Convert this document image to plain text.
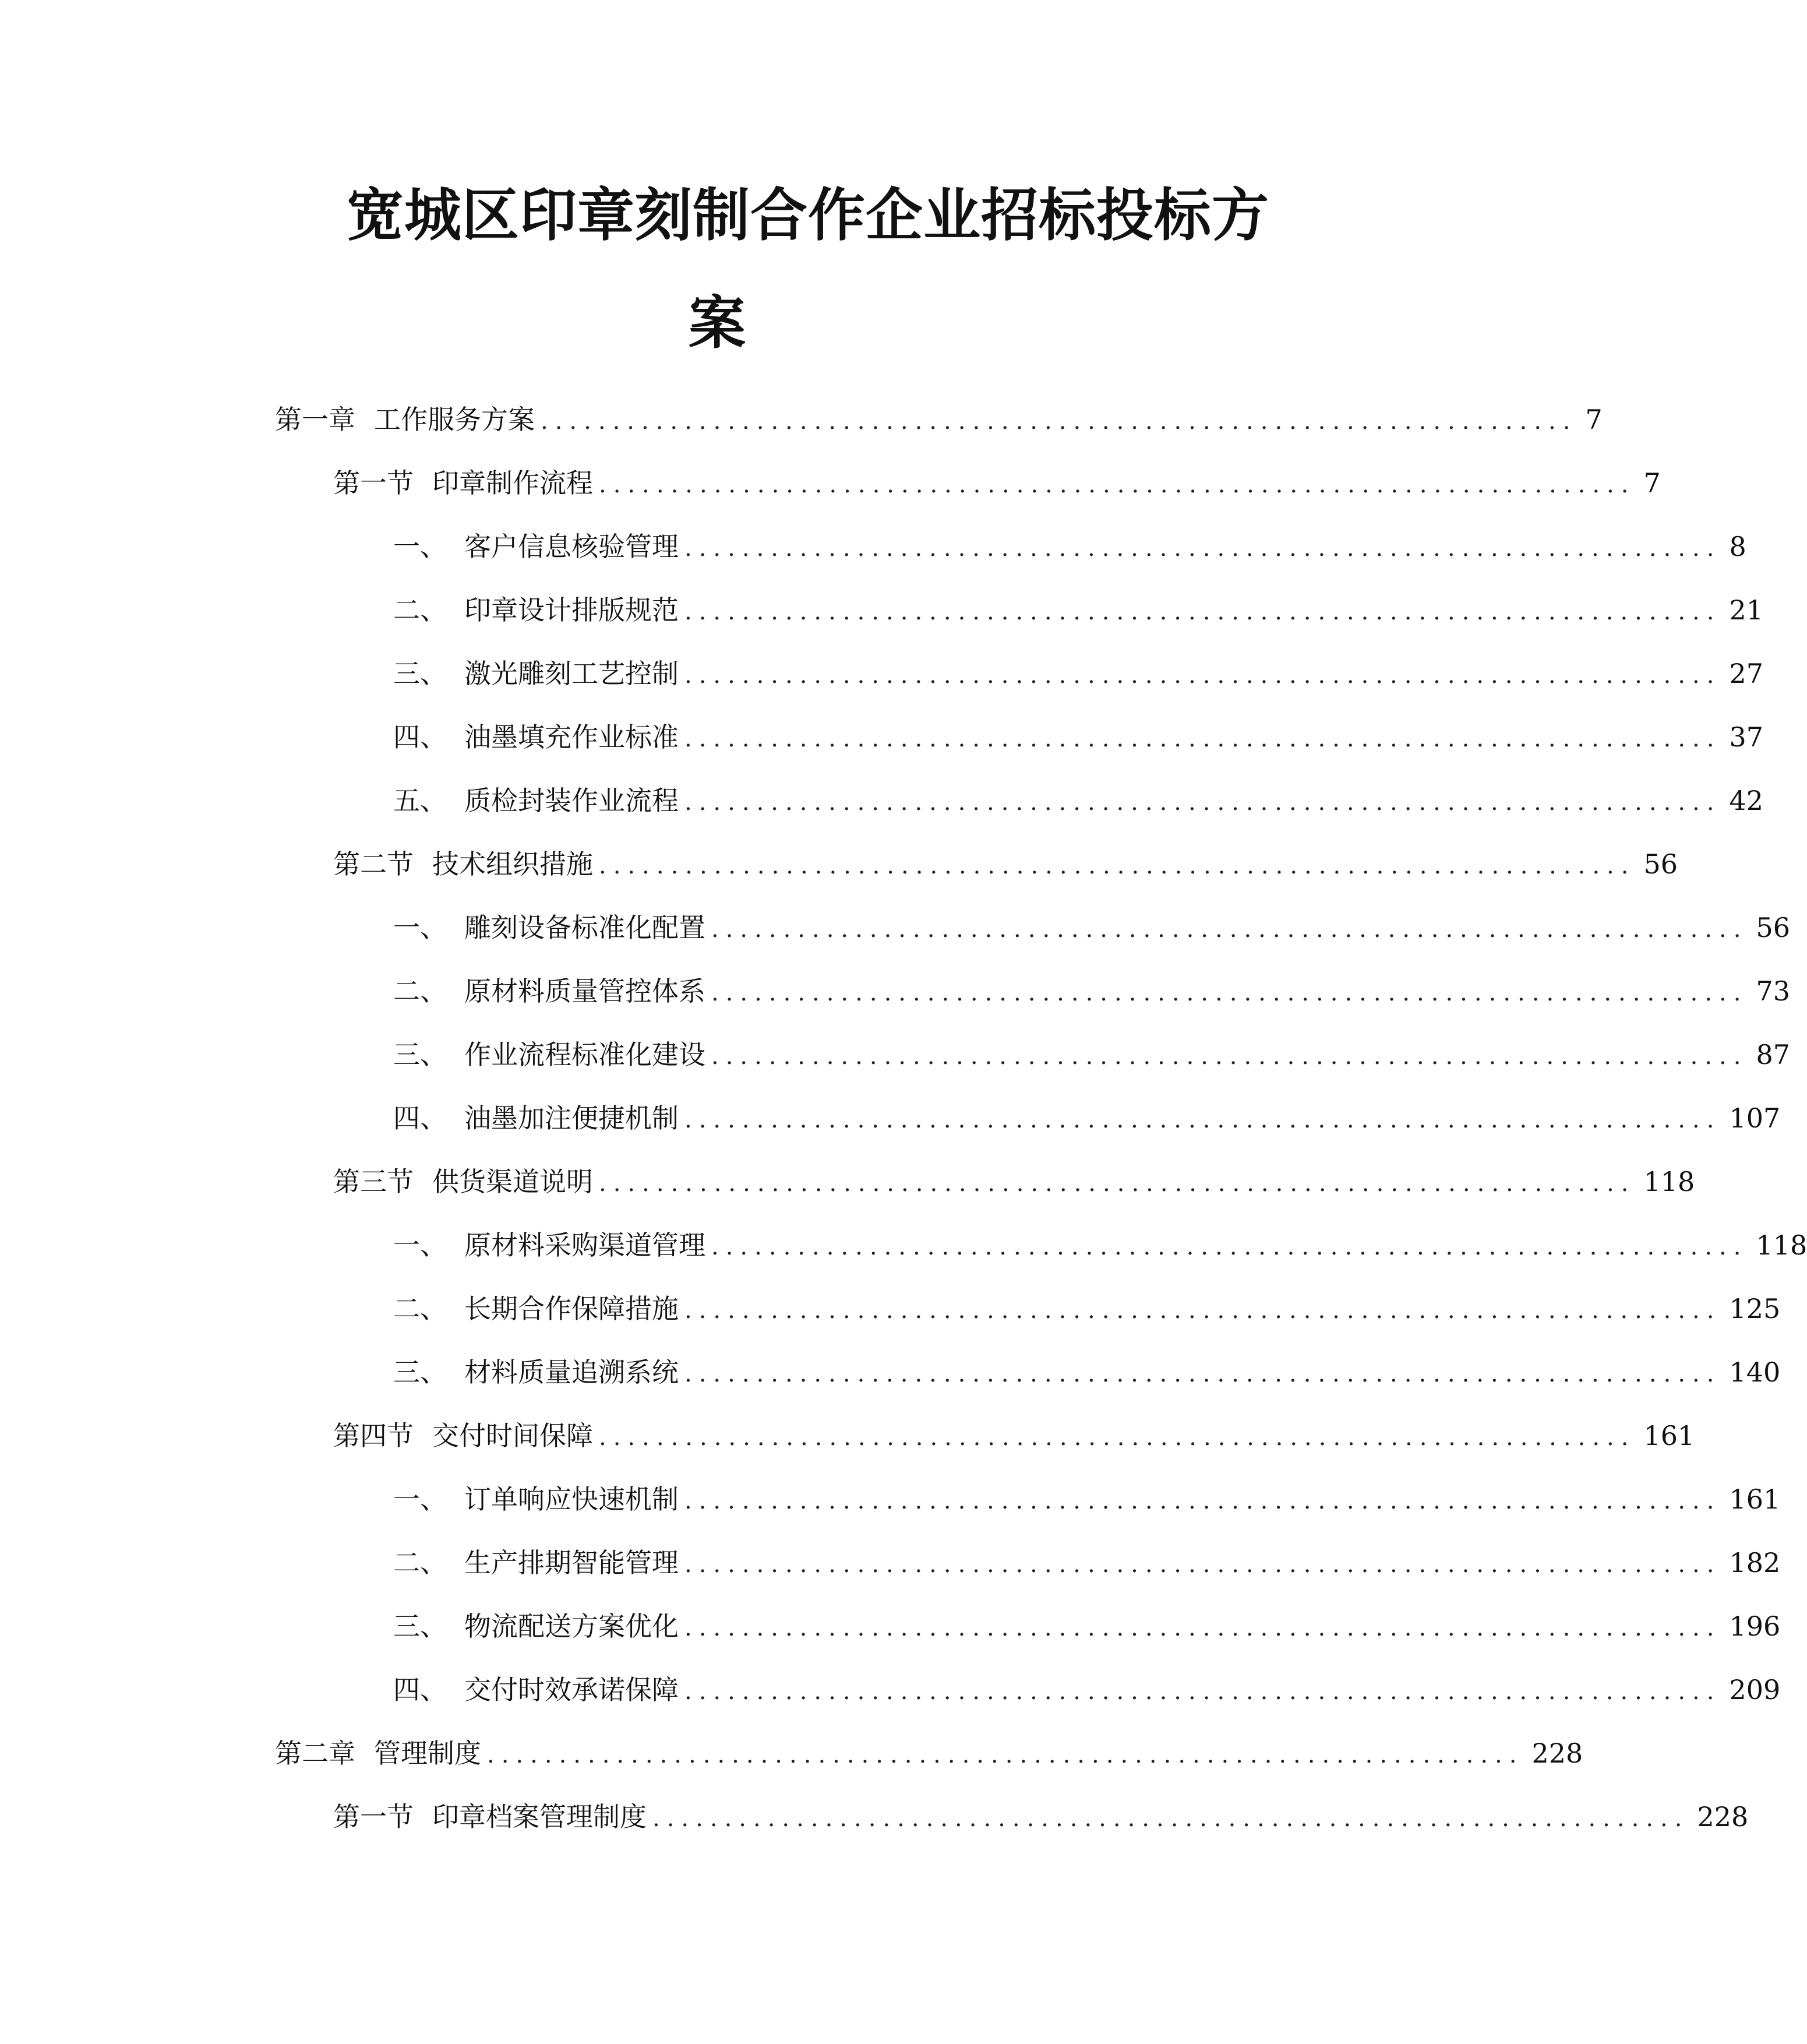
宽城区印章刻制合作企业招标投标方
案
第一章 工作服务方案 ........................................................................ 7
第一节 印章制作流程 ........................................................................ 7
一、 客户信息核验管理 ........................................................................ 8
二、 印章设计排版规范 ........................................................................ 21
三、 激光雕刻工艺控制 ........................................................................ 27
四、 油墨填充作业标准 ........................................................................ 37
五、 质检封装作业流程 ........................................................................ 42
第二节 技术组织措施 ........................................................................ 56
一、 雕刻设备标准化配置 ........................................................................ 56
二、 原材料质量管控体系 ........................................................................ 73
三、 作业流程标准化建设 ........................................................................ 87
四、 油墨加注便捷机制 ........................................................................ 107
第三节 供货渠道说明 ........................................................................ 118
一、 原材料采购渠道管理 ........................................................................ 118
二、 长期合作保障措施 ........................................................................ 125
三、 材料质量追溯系统 ........................................................................ 140
第四节 交付时间保障 ........................................................................ 161
一、 订单响应快速机制 ........................................................................ 161
二、 生产排期智能管理 ........................................................................ 182
三、 物流配送方案优化 ........................................................................ 196
四、 交付时效承诺保障 ........................................................................ 209
第二章 管理制度 ........................................................................ 228
第一节 印章档案管理制度 ........................................................................ 228
